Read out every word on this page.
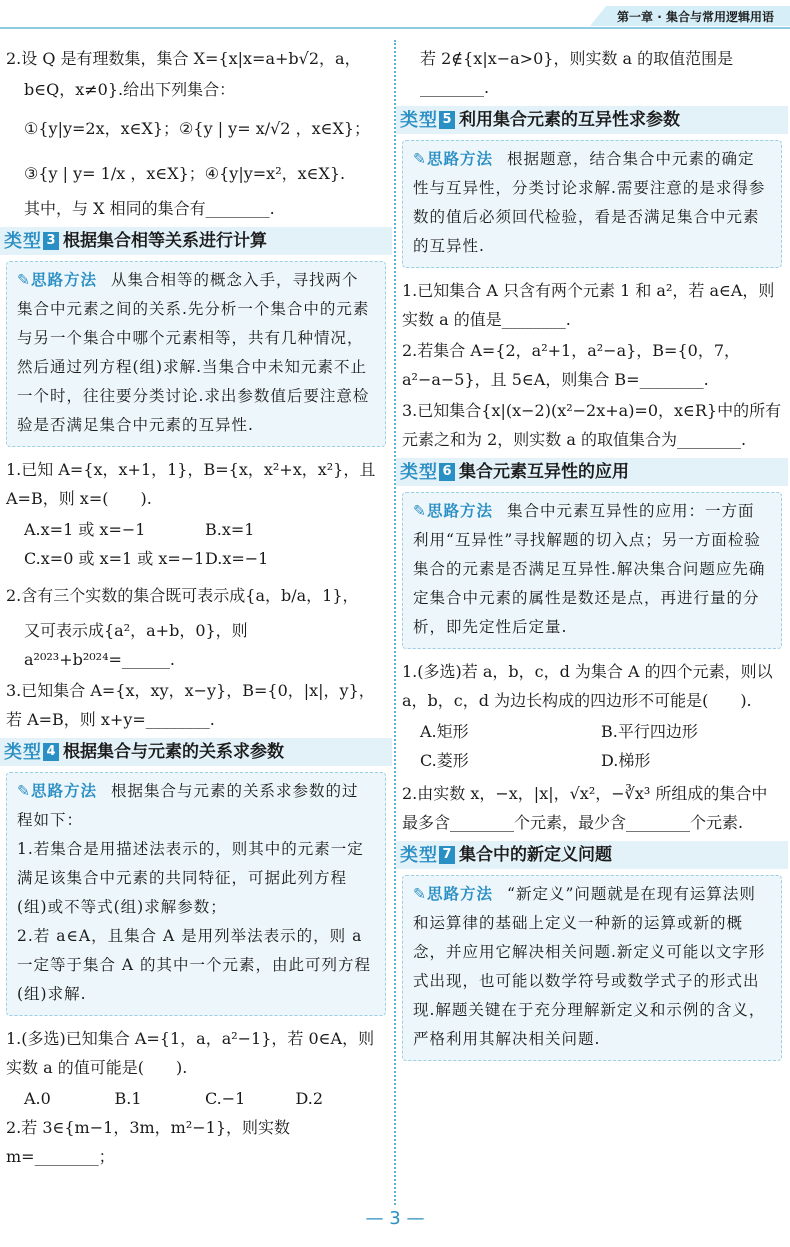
第一章 · 集合与常用逻辑用语
2.设 Q 是有理数集，集合 X={x|x=a+b√2，a，
b∈Q，x≠0}.给出下列集合：
①{y|y=2x，x∈X}；②{y | y= x/√2 ，x∈X}；
③{y | y= 1/x ，x∈X}；④{y|y=x²，x∈X}.
其中，与 X 相同的集合有________.
类型 3 根据集合相等关系进行计算
✎思路方法 从集合相等的概念入手，寻找两个集合中元素之间的关系.先分析一个集合中的元素与另一个集合中哪个元素相等，共有几种情况，然后通过列方程(组)求解.当集合中未知元素不止一个时，往往要分类讨论.求出参数值后要注意检验是否满足集合中元素的互异性.
1.已知 A={x，x+1，1}，B={x，x²+x，x²}，且 A=B，则 x=(　　).
A.x=1 或 x=−1	B.x=1
C.x=0 或 x=1 或 x=−1 D.x=−1
2.含有三个实数的集合既可表示成{a，b/a，1}，
又可表示成{a²，a+b，0}，则 a²⁰²³+b²⁰²⁴=______.
3.已知集合 A={x，xy，x−y}，B={0，|x|，y}，若 A=B，则 x+y=________.
类型 4 根据集合与元素的关系求参数
✎思路方法 根据集合与元素的关系求参数的过程如下：
1.若集合是用描述法表示的，则其中的元素一定满足该集合中元素的共同特征，可据此列方程(组)或不等式(组)求解参数；
2.若 a∈A，且集合 A 是用列举法表示的，则 a 一定等于集合 A 的其中一个元素，由此可列方程(组)求解.
1.(多选)已知集合 A={1，a，a²−1}，若 0∈A，则实数 a 的值可能是(　　).
A.0	B.1	C.−1	D.2
2.若 3∈{m−1，3m，m²−1}，则实数 m=________；
若 2∉{x|x−a>0}，则实数 a 的取值范围是________.
类型 5 利用集合元素的互异性求参数
✎思路方法 根据题意，结合集合中元素的确定性与互异性，分类讨论求解.需要注意的是求得参数的值后必须回代检验，看是否满足集合中元素的互异性.
1.已知集合 A 只含有两个元素 1 和 a²，若 a∈A，则实数 a 的值是________.
2.若集合 A={2，a²+1，a²−a}，B={0，7，a²−a−5}，且 5∈A，则集合 B=________.
3.已知集合{x|(x−2)(x²−2x+a)=0，x∈R}中的所有元素之和为 2，则实数 a 的取值集合为________.
类型 6 集合元素互异性的应用
✎思路方法 集合中元素互异性的应用：一方面利用“互异性”寻找解题的切入点；另一方面检验集合的元素是否满足互异性.解决集合问题应先确定集合中元素的属性是数还是点，再进行量的分析，即先定性后定量.
1.(多选)若 a，b，c，d 为集合 A 的四个元素，则以 a，b，c，d 为边长构成的四边形不可能是(　　).
A.矩形	B.平行四边形
C.菱形	D.梯形
2.由实数 x，−x，|x|，√x²，−∛x³ 所组成的集合中最多含________个元素，最少含________个元素.
类型 7 集合中的新定义问题
✎思路方法 “新定义”问题就是在现有运算法则和运算律的基础上定义一种新的运算或新的概念，并应用它解决相关问题.新定义可能以文字形式出现，也可能以数学符号或数学式子的形式出现.解题关键在于充分理解新定义和示例的含义，严格利用其解决相关问题.
— 3 —
